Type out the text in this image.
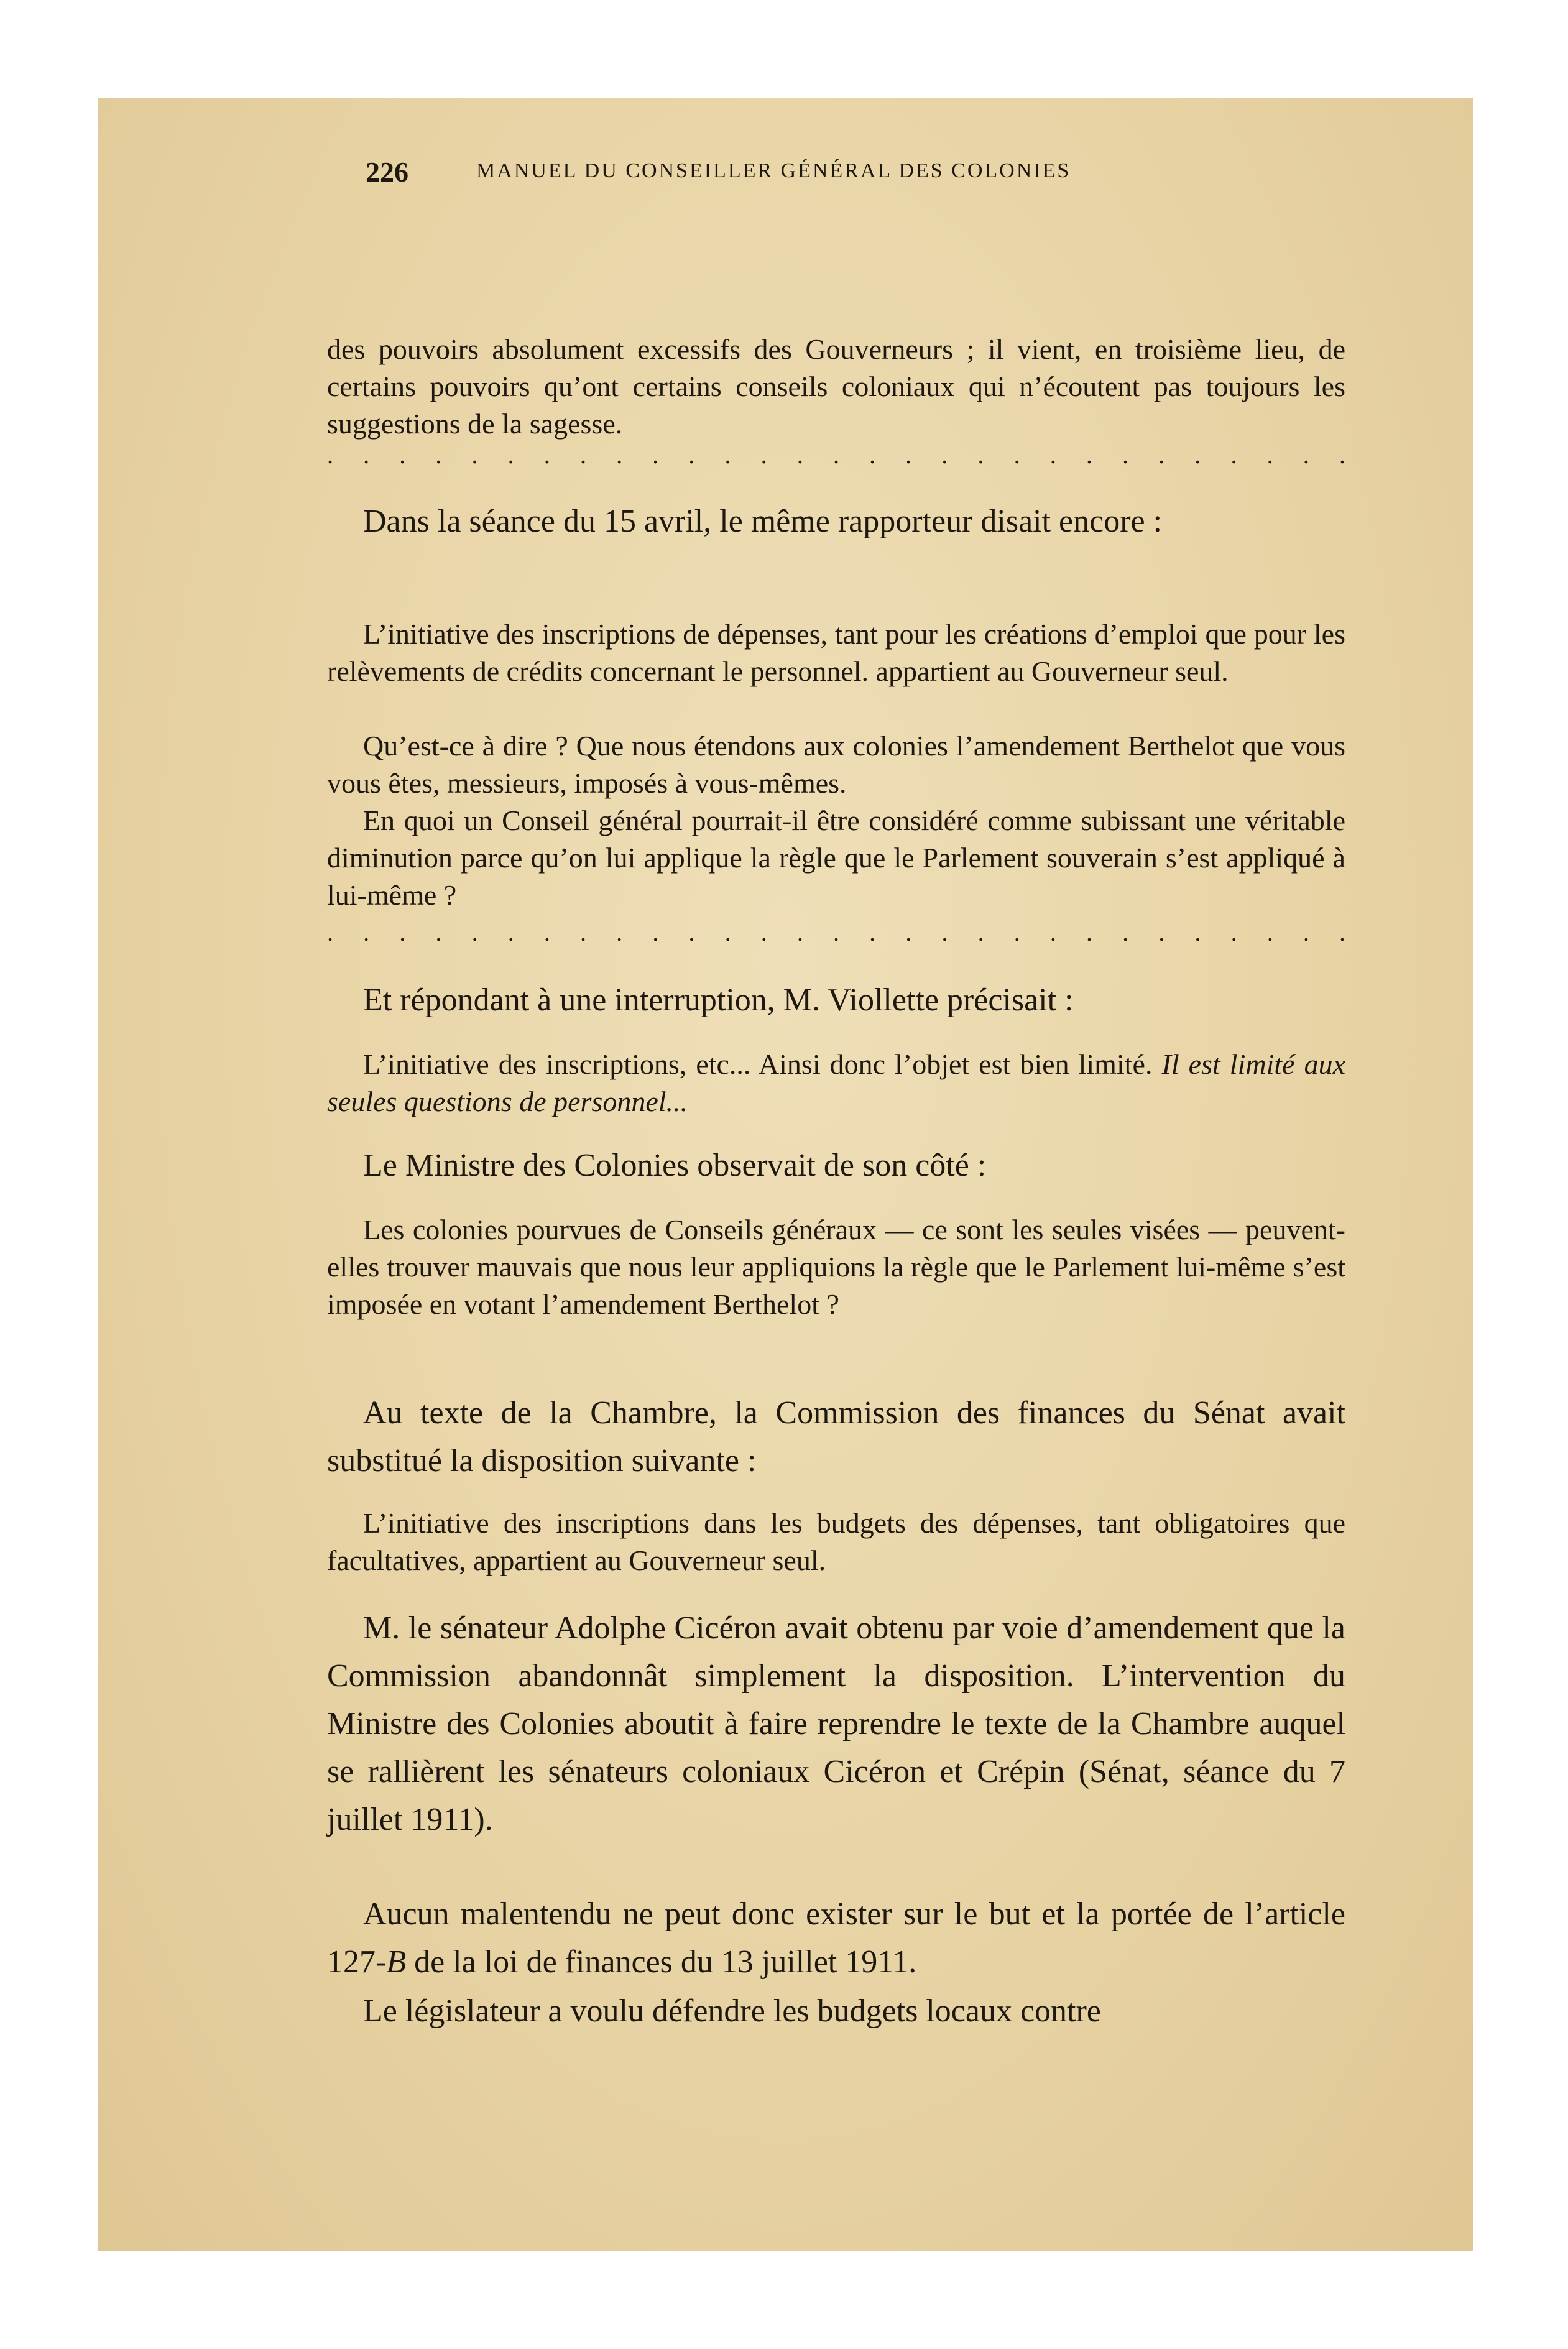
226	MANUEL DU CONSEILLER GÉNÉRAL DES COLONIES

des pouvoirs absolument excessifs des Gouverneurs ; il vient, en troisième lieu, de certains pouvoirs qu’ont certains conseils coloniaux qui n’écoutent pas toujours les suggestions de la sagesse.

. . . . . . . . . . . . . . . . . . . . . . . . . . . . .

Dans la séance du 15 avril, le même rapporteur disait encore :

L’initiative des inscriptions de dépenses, tant pour les créations d’emploi que pour les relèvements de crédits concernant le personnel. appartient au Gouverneur seul.

Qu’est-ce à dire ? Que nous étendons aux colonies l’amendement Berthelot que vous vous êtes, messieurs, imposés à vous-mêmes.

En quoi un Conseil général pourrait-il être considéré comme subissant une véritable diminution parce qu’on lui applique la règle que le Parlement souverain s’est appliqué à lui-même ?

. . . . . . . . . . . . . . . . . . . . . . . . . . . . .

Et répondant à une interruption, M. Viollette précisait :

L’initiative des inscriptions, etc... Ainsi donc l’objet est bien limité. Il est limité aux seules questions de personnel...

Le Ministre des Colonies observait de son côté :

Les colonies pourvues de Conseils généraux — ce sont les seules visées — peuvent-elles trouver mauvais que nous leur appliquions la règle que le Parlement lui-même s’est imposée en votant l’amendement Berthelot ?

Au texte de la Chambre, la Commission des finances du Sénat avait substitué la disposition suivante :

L’initiative des inscriptions dans les budgets des dépenses, tant obligatoires que facultatives, appartient au Gouverneur seul.

M. le sénateur Adolphe Cicéron avait obtenu par voie d’amendement que la Commission abandonnât simplement la disposition. L’intervention du Ministre des Colonies aboutit à faire reprendre le texte de la Chambre auquel se rallièrent les sénateurs coloniaux Cicéron et Crépin (Sénat, séance du 7 juillet 1911).

Aucun malentendu ne peut donc exister sur le but et la portée de l’article 127-B de la loi de finances du 13 juillet 1911.

Le législateur a voulu défendre les budgets locaux contre
